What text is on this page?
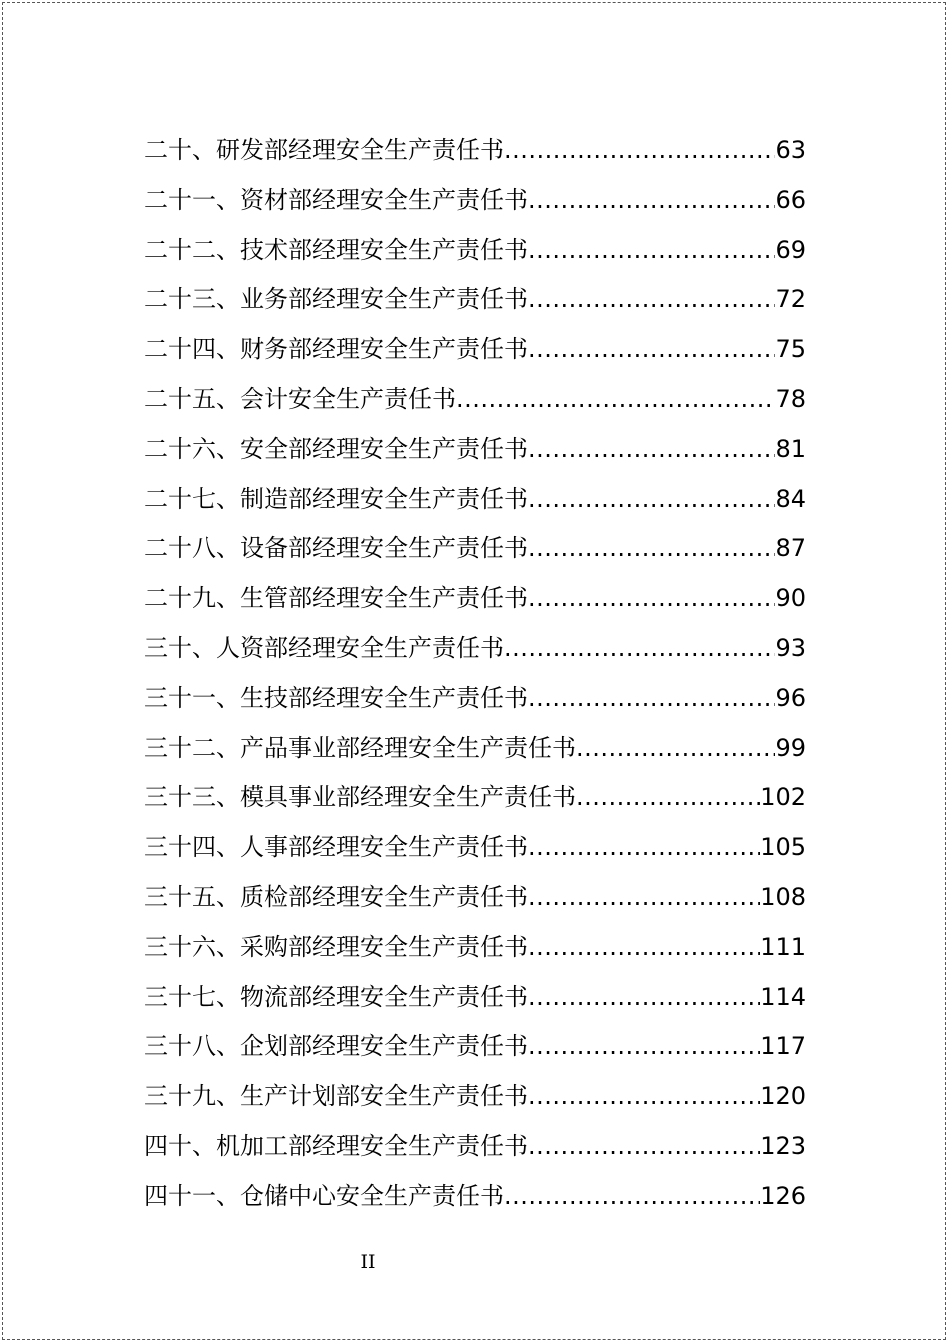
二十、研发部经理安全生产责任书 .....	63
二十一、资材部经理安全生产责任书 .....	66
二十二、技术部经理安全生产责任书 .....	69
二十三、业务部经理安全生产责任书 .....	72
二十四、财务部经理安全生产责任书 .....	75
二十五、会计安全生产责任书 .....	78
二十六、安全部经理安全生产责任书 .....	81
二十七、制造部经理安全生产责任书 .....	84
二十八、设备部经理安全生产责任书 .....	87
二十九、生管部经理安全生产责任书 .....	90
三十、人资部经理安全生产责任书 .....	93
三十一、生技部经理安全生产责任书 .....	96
三十二、产品事业部经理安全生产责任书 .....	99
三十三、模具事业部经理安全生产责任书 .....	102
三十四、人事部经理安全生产责任书 .....	105
三十五、质检部经理安全生产责任书 .....	108
三十六、采购部经理安全生产责任书 .....	111
三十七、物流部经理安全生产责任书 .....	114
三十八、企划部经理安全生产责任书 .....	117
三十九、生产计划部安全生产责任书 .....	120
四十、机加工部经理安全生产责任书 .....	123
四十一、仓储中心安全生产责任书 .....	126
II
